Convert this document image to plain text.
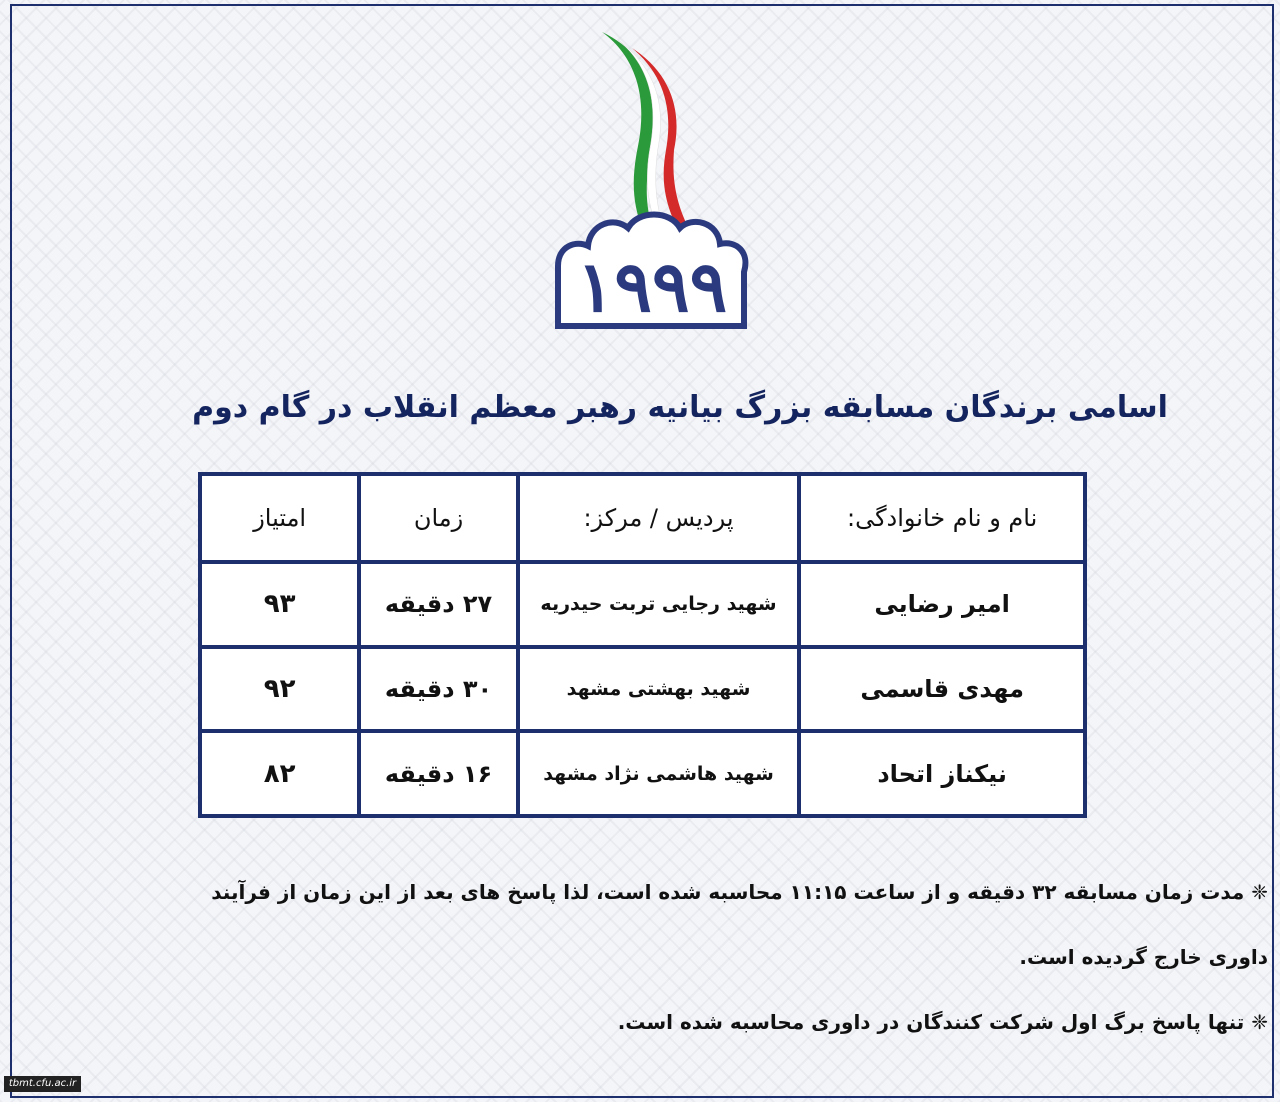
۱۹۹۹
اسامی برندگان مسابقه بزرگ بیانیه رهبر معظم انقلاب در گام دوم
نام و نام خانوادگی:	پردیس / مرکز:	زمان	امتیاز
امیر رضایی	شهید رجایی تربت حیدریه	۲۷ دقیقه	۹۳
مهدی قاسمی	شهید بهشتی مشهد	۳۰ دقیقه	۹۲
نیکناز اتحاد	شهید هاشمی نژاد مشهد	۱۶ دقیقه	۸۲

❈ مدت زمان مسابقه ۳۲ دقیقه و از ساعت ۱۱:۱۵ محاسبه شده است، لذا پاسخ های بعد از این زمان از فرآیند داوری خارج گردیده است.

❈ تنها پاسخ برگ اول شرکت کنندگان در داوری محاسبه شده است.

tbmt.cfu.ac.ir
